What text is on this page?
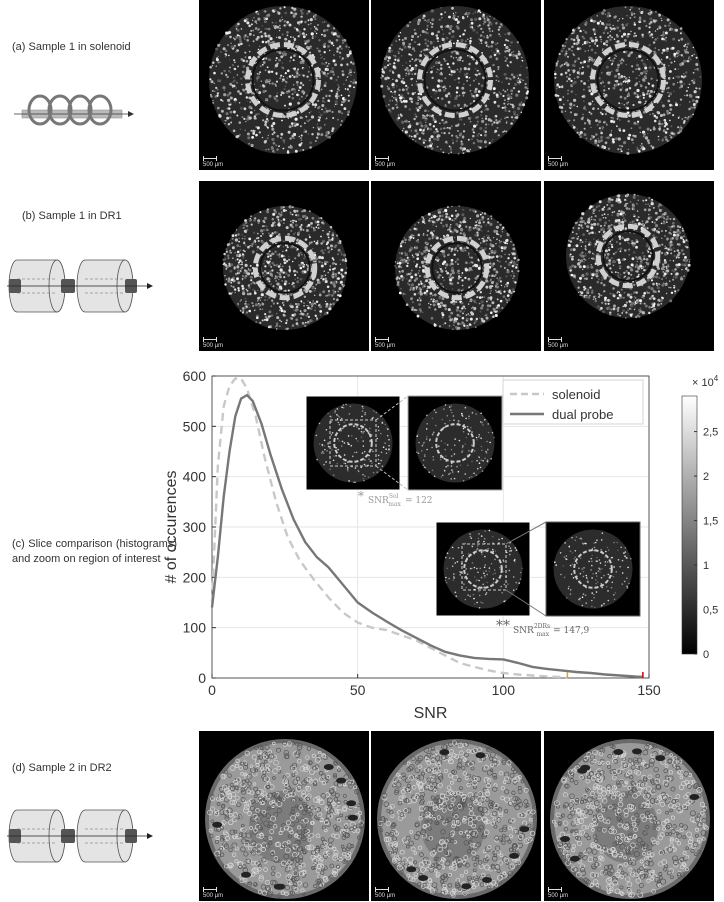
(a) Sample 1 in solenoid
(b) Sample 1 in DR1
(c) Slice comparison (histograms) and zoom on region of interest
(d) Sample 2 in DR2
500 µm	500 µm	500 µm
500 µm	500 µm	500 µm
500 µm	500 µm	500 µm
0	50	100	150
0
100
200
300
400
500
600
SNR
# of occurences
solenoid
dual probe
* $SNR^{Sol}$ max = 122
** $SNR^{2DRs}$ max = 147,9
2,5
2
1,5
1
0,5
0
× $10^4$
